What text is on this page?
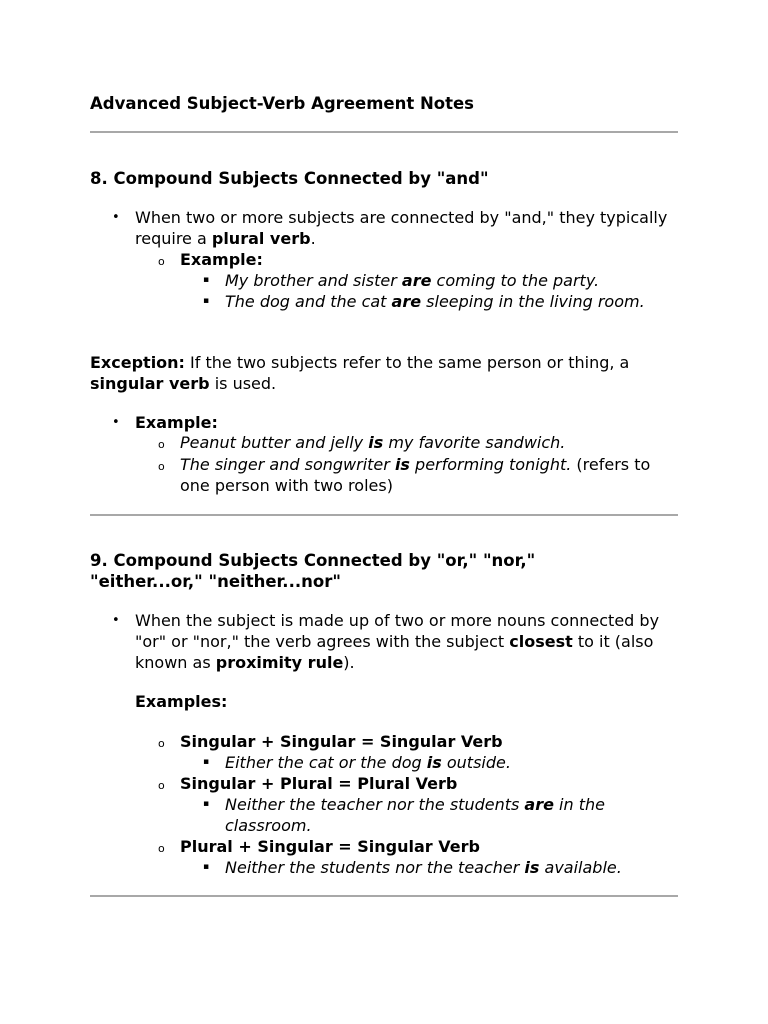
Advanced Subject-Verb Agreement Notes
8. Compound Subjects Connected by "and"
• When two or more subjects are connected by "and," they typically require a plural verb.
o Example:
▪ My brother and sister are coming to the party.
▪ The dog and the cat are sleeping in the living room.
Exception: If the two subjects refer to the same person or thing, a singular verb is used.
• Example:
o Peanut butter and jelly is my favorite sandwich.
o The singer and songwriter is performing tonight. (refers to one person with two roles)
9. Compound Subjects Connected by "or," "nor," "either...or," "neither...nor"
• When the subject is made up of two or more nouns connected by "or" or "nor," the verb agrees with the subject closest to it (also known as proximity rule).
Examples:
o Singular + Singular = Singular Verb
▪ Either the cat or the dog is outside.
o Singular + Plural = Plural Verb
▪ Neither the teacher nor the students are in the classroom.
o Plural + Singular = Singular Verb
▪ Neither the students nor the teacher is available.
